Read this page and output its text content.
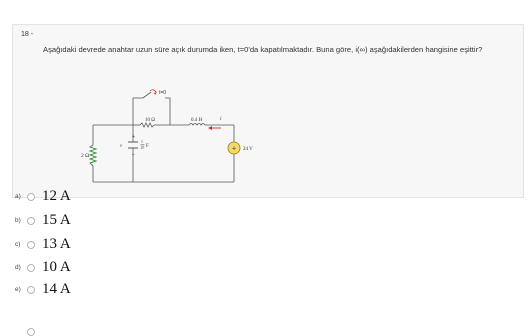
18 -
Aşağıdaki devrede anahtar uzun süre açık durumda iken, t=0'da kapatılmaktadır. Buna göre, i(∞) aşağıdakilerden hangisine eşittir?
+
t=0
10 Ω	0.4 H	i
2 Ω
v
+
−
1
20 F
24 V
a)	12 A
b)	15 A
c)	13 A
d)	10 A
e)	14 A
